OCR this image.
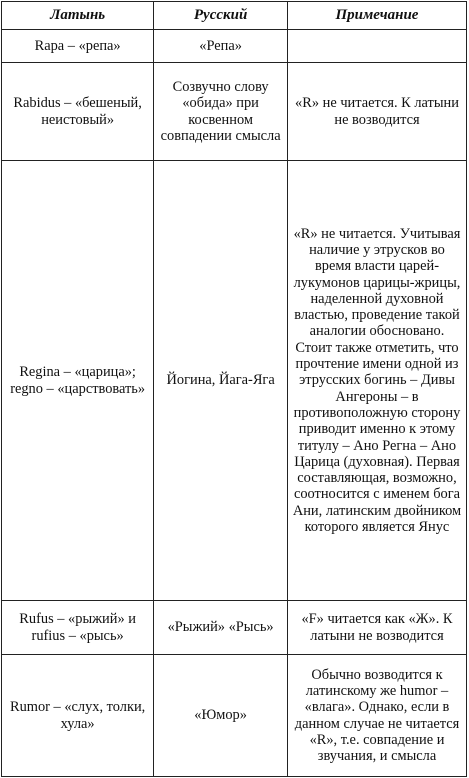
Латынь	Русский	Примечание
Rapa – «репа»	«Репа»	
Rabidus – «бешеный, неистовый»	Созвучно слову «обида» при косвенном совпадении смысла	«R» не читается. К латыни не возводится
Regina – «царица»; regno – «царствовать»	Йогина, Йага-Яга	«R» не читается. Учитывая наличие у этрусков во время власти царей-лукумонов царицы-жрицы, наделенной духовной властью, проведение такой аналогии обосновано. Стоит также отметить, что прочтение имени одной из этрусских богинь – Дивы Ангероны – в противоположную сторону приводит именно к этому титулу – Ано Регна – Ано Царица (духовная). Первая составляющая, возможно, соотносится с именем бога Ани, латинским двойником которого является Янус
Rufus – «рыжий» и rufius – «рысь»	«Рыжий» «Рысь»	«F» читается как «Ж». К латыни не возводится
Rumor – «слух, толки, хула»	«Юмор»	Обычно возводится к латинскому же humor – «влага». Однако, если в данном случае не читается «R», т.е. совпадение и звучания, и смысла
